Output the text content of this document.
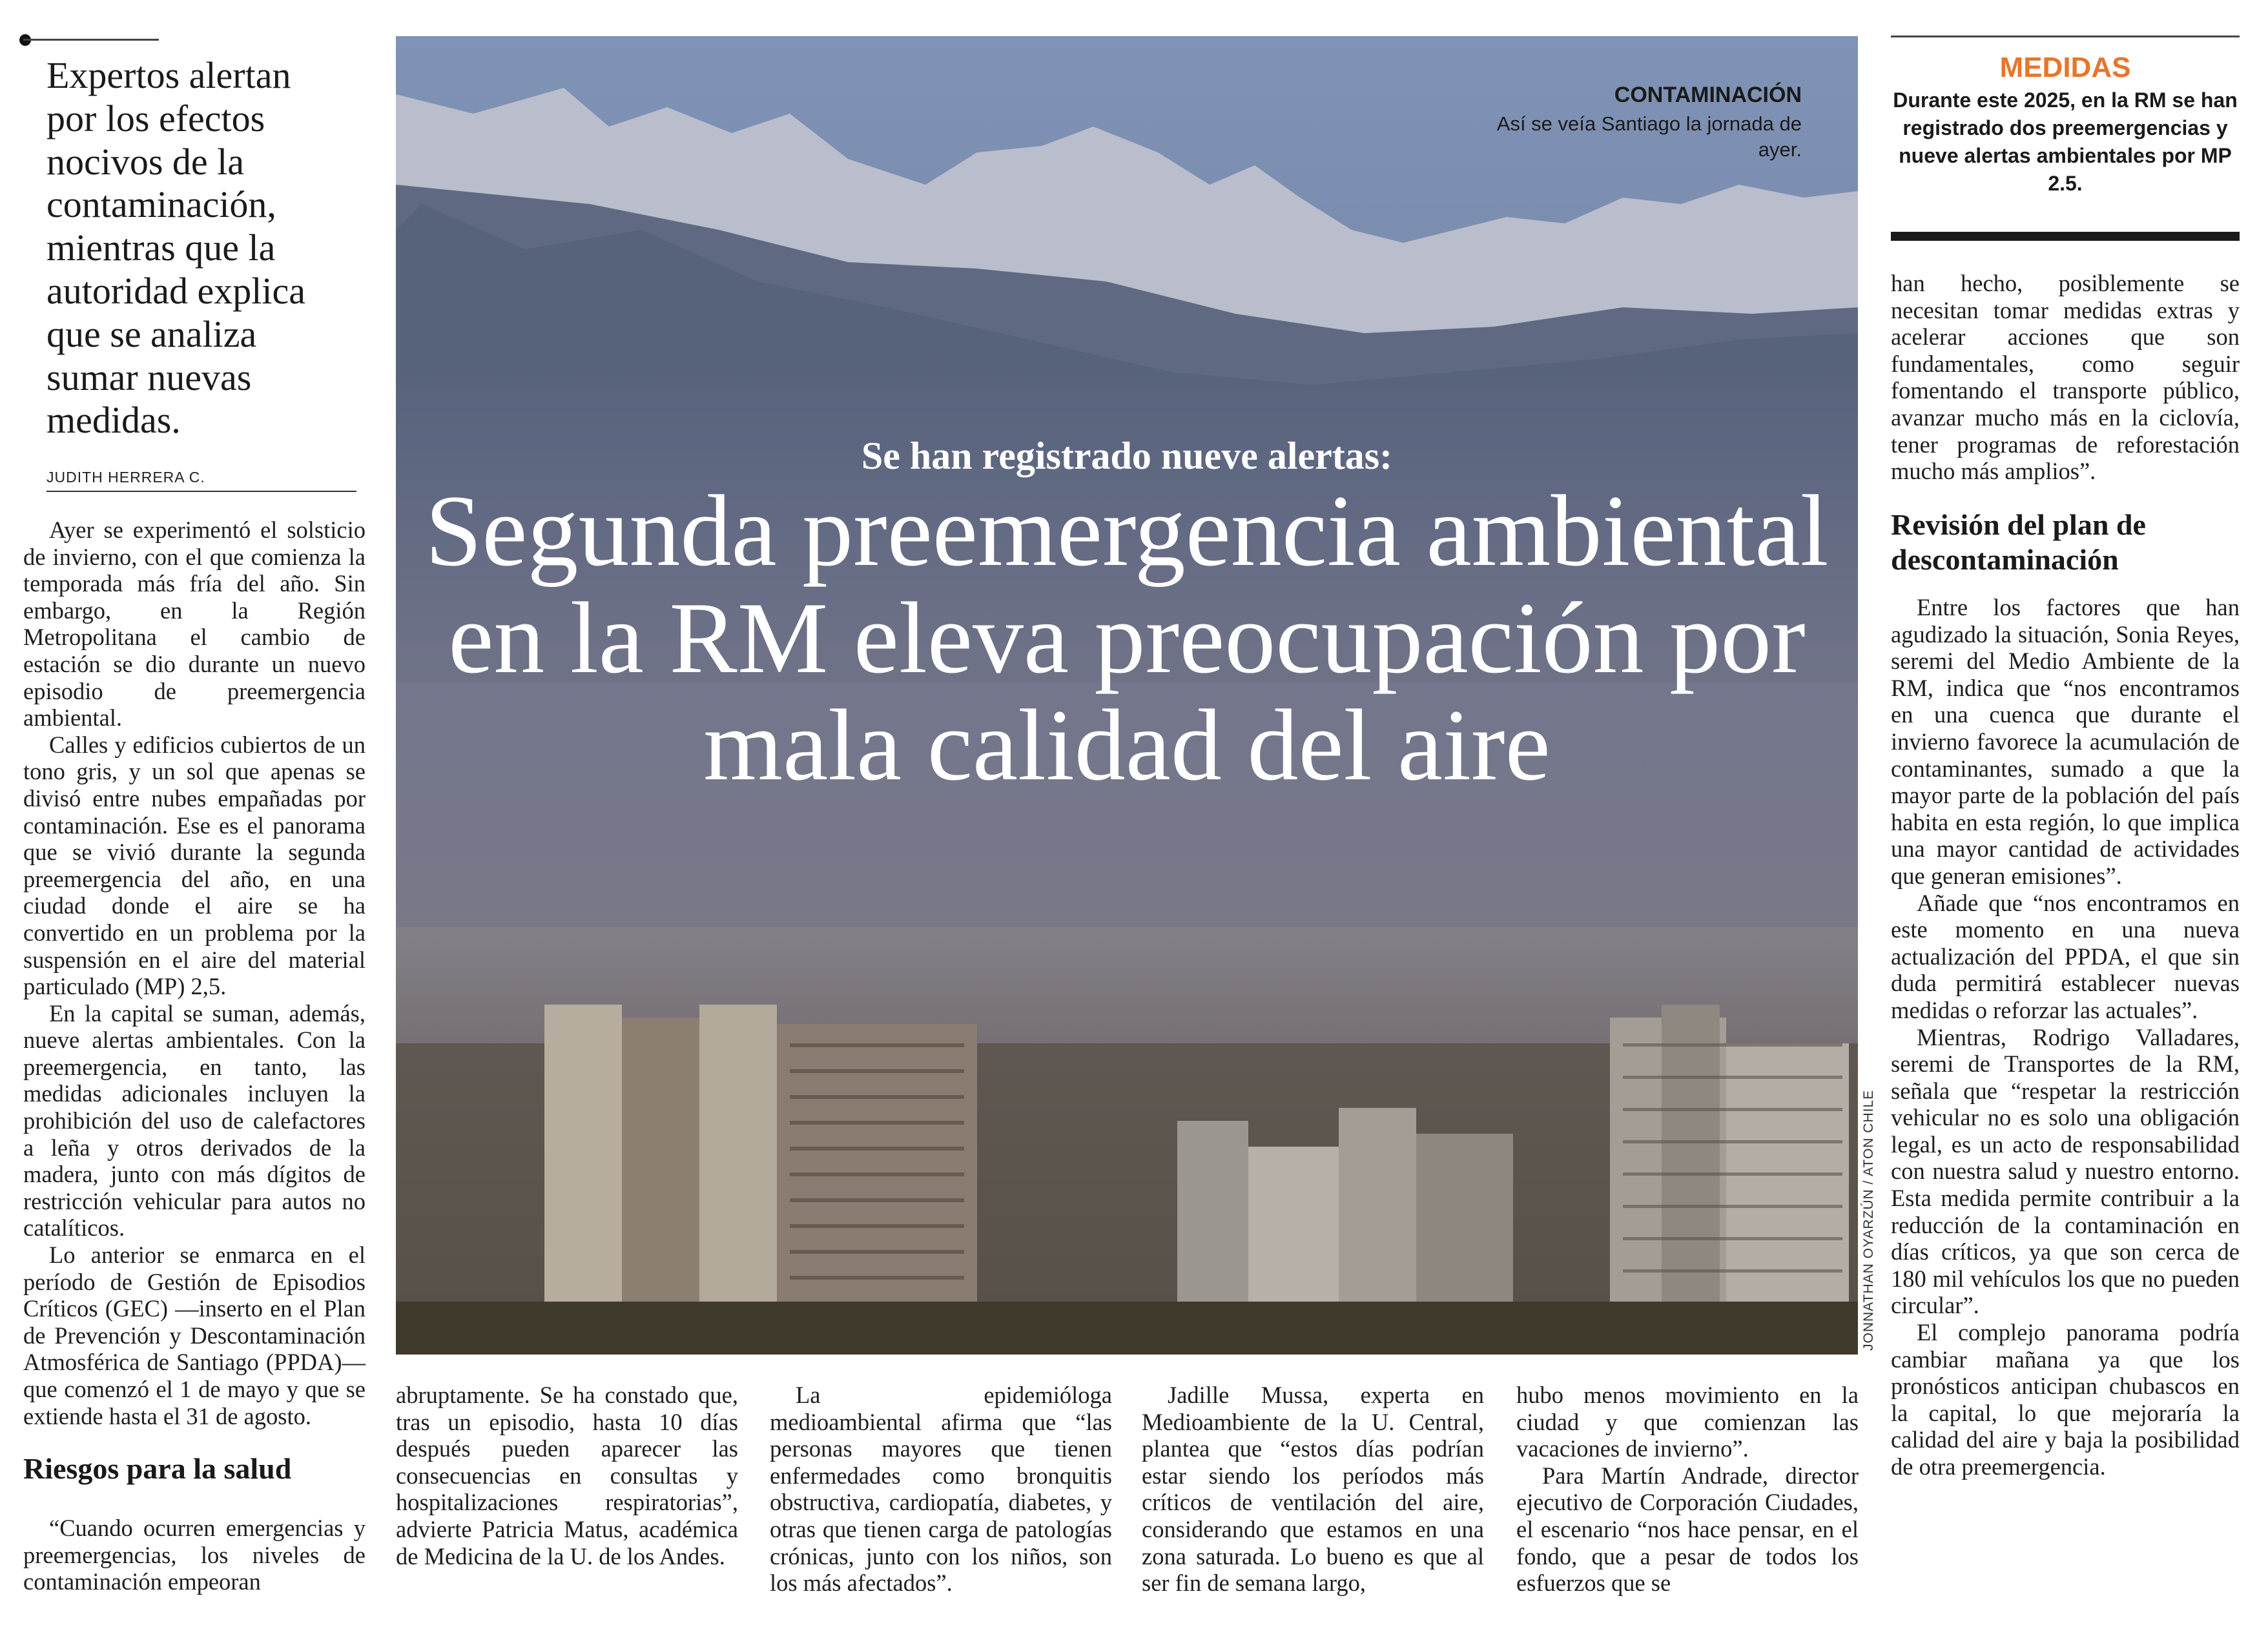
Expertos alertan por los efectos nocivos de la contaminación, mientras que la autoridad explica que se analiza sumar nuevas medidas.
JUDITH HERRERA C.

Ayer se experimentó el solsticio de invierno, con el que comienza la temporada más fría del año. Sin embargo, en la Región Metropolitana el cambio de estación se dio durante un nuevo episodio de preemergencia ambiental.

Calles y edificios cubiertos de un tono gris, y un sol que apenas se divisó entre nubes empañadas por contaminación. Ese es el panorama que se vivió durante la segunda preemergencia del año, en una ciudad donde el aire se ha convertido en un problema por la suspensión en el aire del material particulado (MP) 2,5.

En la capital se suman, además, nueve alertas ambientales. Con la preemergencia, en tanto, las medidas adicionales incluyen la prohibición del uso de calefactores a leña y otros derivados de la madera, junto con más dígitos de restricción vehicular para autos no catalíticos.

Lo anterior se enmarca en el período de Gestión de Episodios Críticos (GEC) —inserto en el Plan de Prevención y Descontaminación Atmosférica de Santiago (PPDA)— que comenzó el 1 de mayo y que se extiende hasta el 31 de agosto.

Riesgos para la salud

“Cuando ocurren emergencias y preemergencias, los niveles de contaminación empeoran

CONTAMINACIÓN
Así se veía Santiago la jornada de ayer.
JONNATHAN OYARZÚN / ATON CHILE
Se han registrado nueve alertas:
Segunda preemergencia ambiental en la RM eleva preocupación por mala calidad del aire

abruptamente. Se ha constado que, tras un episodio, hasta 10 días después pueden aparecer las consecuencias en consultas y hospitalizaciones respiratorias”, advierte Patricia Matus, académica de Medicina de la U. de los Andes.

La epidemióloga medioambiental afirma que “las personas mayores que tienen enfermedades como bronquitis obstructiva, cardiopatía, diabetes, y otras que tienen carga de patologías crónicas, junto con los niños, son los más afectados”.

Jadille Mussa, experta en Medioambiente de la U. Central, plantea que “estos días podrían estar siendo los períodos más críticos de ventilación del aire, considerando que estamos en una zona saturada. Lo bueno es que al ser fin de semana largo,

hubo menos movimiento en la ciudad y que comienzan las vacaciones de invierno”.

Para Martín Andrade, director ejecutivo de Corporación Ciudades, el escenario “nos hace pensar, en el fondo, que a pesar de todos los esfuerzos que se

MEDIDAS
Durante este 2025, en la RM se han registrado dos preemergencias y nueve alertas ambientales por MP 2.5.

han hecho, posiblemente se necesitan tomar medidas extras y acelerar acciones que son fundamentales, como seguir fomentando el transporte público, avanzar mucho más en la ciclovía, tener programas de reforestación mucho más amplios”.

Revisión del plan de descontaminación

Entre los factores que han agudizado la situación, Sonia Reyes, seremi del Medio Ambiente de la RM, indica que “nos encontramos en una cuenca que durante el invierno favorece la acumulación de contaminantes, sumado a que la mayor parte de la población del país habita en esta región, lo que implica una mayor cantidad de actividades que generan emisiones”.

Añade que “nos encontramos en este momento en una nueva actualización del PPDA, el que sin duda permitirá establecer nuevas medidas o reforzar las actuales”.

Mientras, Rodrigo Valladares, seremi de Transportes de la RM, señala que “respetar la restricción vehicular no es solo una obligación legal, es un acto de responsabilidad con nuestra salud y nuestro entorno. Esta medida permite contribuir a la reducción de la contaminación en días críticos, ya que son cerca de 180 mil vehículos los que no pueden circular”.

El complejo panorama podría cambiar mañana ya que los pronósticos anticipan chubascos en la capital, lo que mejoraría la calidad del aire y baja la posibilidad de otra preemergencia.
